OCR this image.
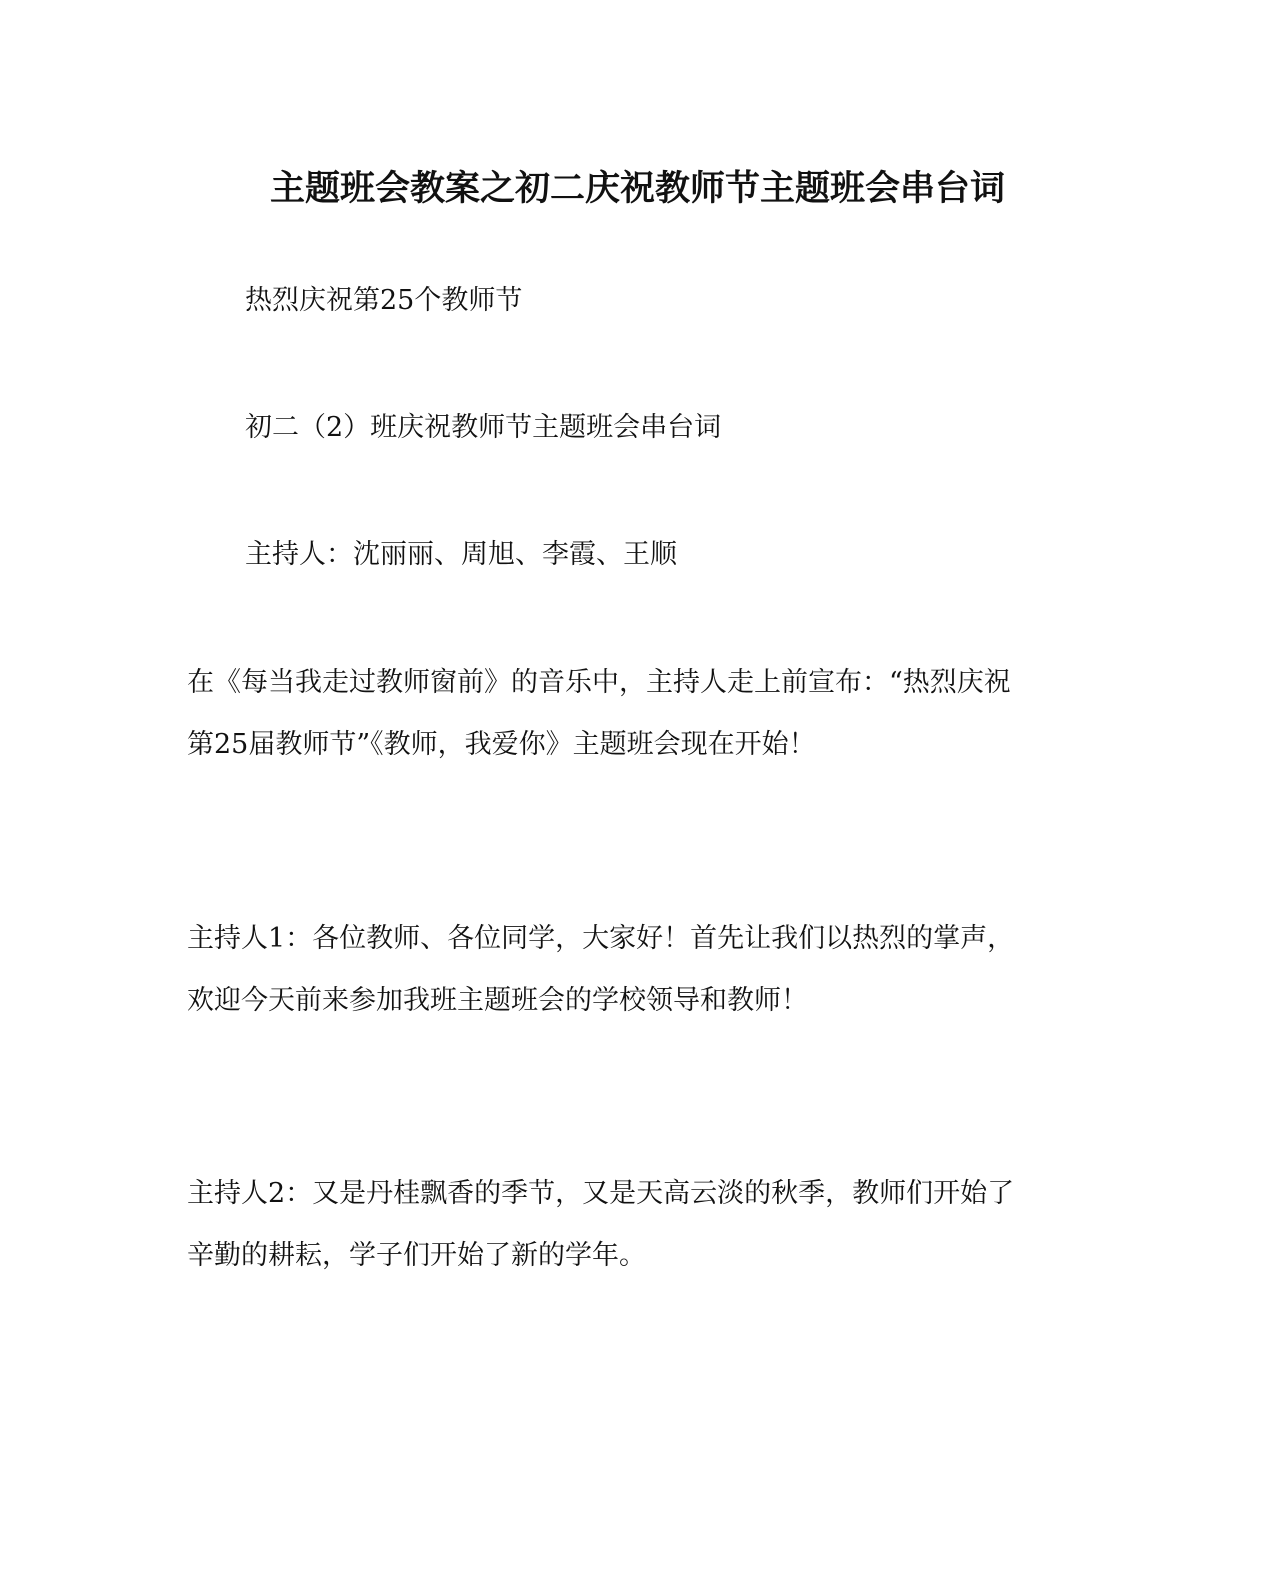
主题班会教案之初二庆祝教师节主题班会串台词
热烈庆祝第25个教师节
初二（2）班庆祝教师节主题班会串台词
主持人：沈丽丽、周旭、李霞、王顺
在《每当我走过教师窗前》的音乐中，主持人走上前宣布：“热烈庆祝
第25届教师节”《教师，我爱你》主题班会现在开始！
主持人1：各位教师、各位同学，大家好！首先让我们以热烈的掌声，
欢迎今天前来参加我班主题班会的学校领导和教师！
主持人2：又是丹桂飘香的季节，又是天高云淡的秋季，教师们开始了
辛勤的耕耘，学子们开始了新的学年。
